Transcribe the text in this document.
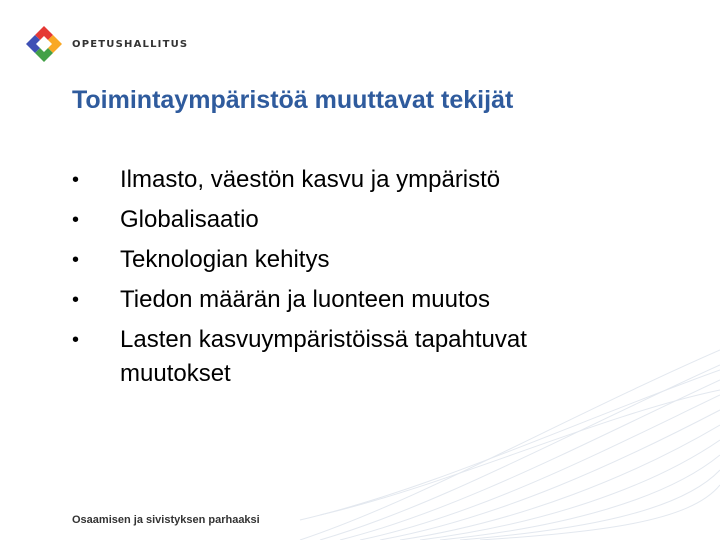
OPETUSHALLITUS
Toimintaympäristöä muuttavat tekijät
•	Ilmasto, väestön kasvu ja ympäristö
•	Globalisaatio
•	Teknologian kehitys
•	Tiedon määrän ja luonteen muutos
•	Lasten kasvuympäristöissä tapahtuvat muutokset
Osaamisen ja sivistyksen parhaaksi
